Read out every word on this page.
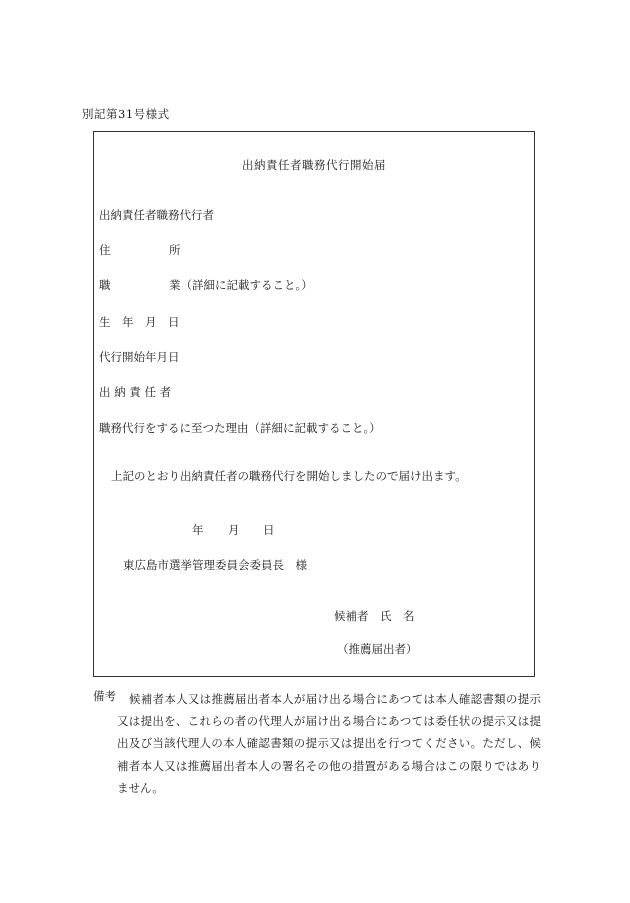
別記第31号様式
出納責任者職務代行開始届
出納責任者職務代行者
住	所
職	業（詳細に記載すること。）
生　年　月　日
代行開始年月日
出 納 責 任 者
職務代行をするに至つた理由（詳細に記載すること。）
上記のとおり出納責任者の職務代行を開始しましたので届け出ます。
年 月 日
東広島市選挙管理委員会委員長　様
候補者　氏　名
（推薦届出者）
備考	候補者本人又は推薦届出者本人が届け出る場合にあつては本人確認書類の提示又は提出を、これらの者の代理人が届け出る場合にあつては委任状の提示又は提出及び当該代理人の本人確認書類の提示又は提出を行つてください。ただし、候補者本人又は推薦届出者本人の署名その他の措置がある場合はこの限りではありません。
